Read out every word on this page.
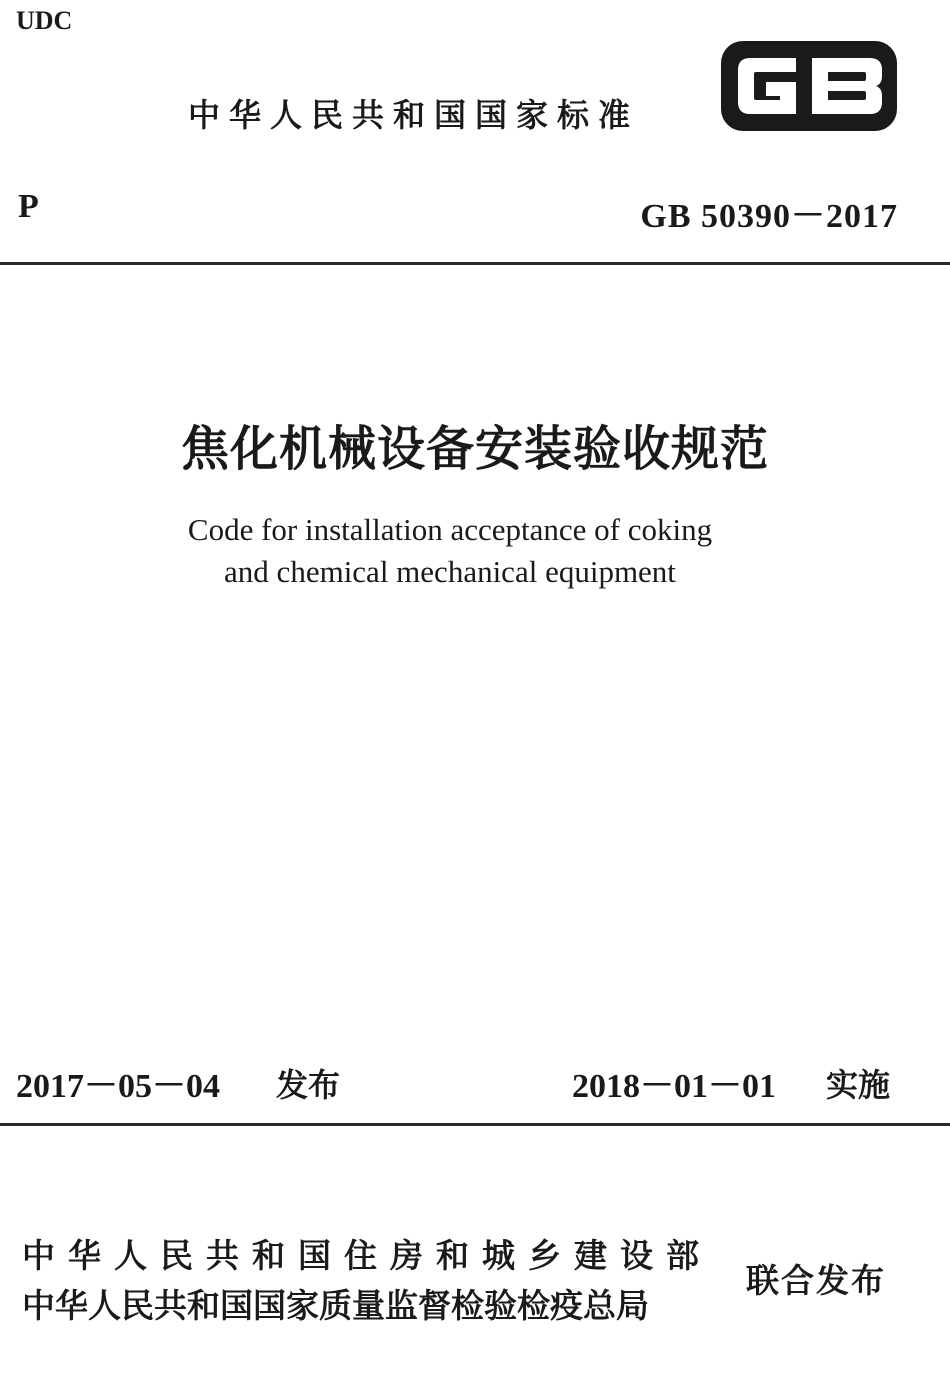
UDC
中华人民共和国国家标准
P	GB 50390－2017
焦化机械设备安装验收规范
Code for installation acceptance of coking
and chemical mechanical equipment
2017－05－04 发布	2018－01－01 实施
中华人民共和国住房和城乡建设部
中华人民共和国国家质量监督检验检疫总局
联合发布
